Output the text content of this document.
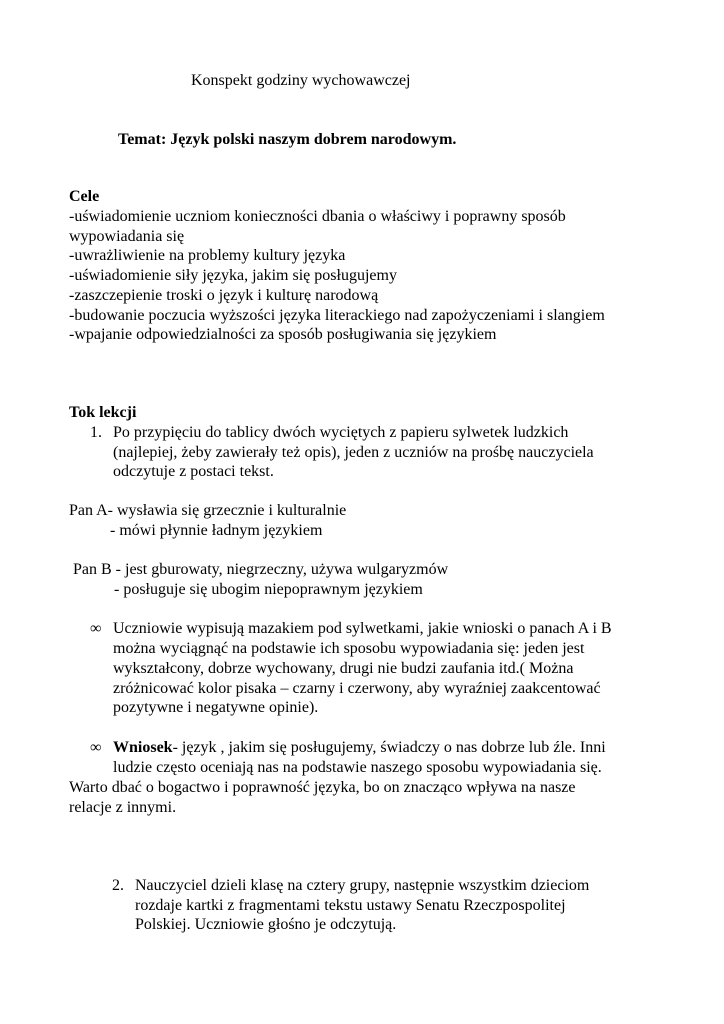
Konspekt godziny wychowawczej
Temat: Język polski naszym dobrem narodowym.
Cele
-uświadomienie uczniom konieczności dbania o właściwy i poprawny sposób
wypowiadania się
-uwrażliwienie na problemy kultury języka
-uświadomienie siły języka, jakim się posługujemy
-zaszczepienie troski o język i kulturę narodową
-budowanie poczucia wyższości języka literackiego nad zapożyczeniami i slangiem
-wpajanie odpowiedzialności za sposób posługiwania się językiem
Tok lekcji
1. Po przypięciu do tablicy dwóch wyciętych z papieru sylwetek ludzkich
(najlepiej, żeby zawierały też opis), jeden z uczniów na prośbę nauczyciela
odczytuje z postaci tekst.
Pan A- wysławia się grzecznie i kulturalnie
- mówi płynnie ładnym językiem
Pan B - jest gburowaty, niegrzeczny, używa wulgaryzmów
- posługuje się ubogim niepoprawnym językiem
∞ Uczniowie wypisują mazakiem pod sylwetkami, jakie wnioski o panach A i B
można wyciągnąć na podstawie ich sposobu wypowiadania się: jeden jest
wykształcony, dobrze wychowany, drugi nie budzi zaufania itd.( Można
zróżnicować kolor pisaka – czarny i czerwony, aby wyraźniej zaakcentować
pozytywne i negatywne opinie).
∞ Wniosek- język , jakim się posługujemy, świadczy o nas dobrze lub źle. Inni
ludzie często oceniają nas na podstawie naszego sposobu wypowiadania się.
Warto dbać o bogactwo i poprawność języka, bo on znacząco wpływa na nasze
relacje z innymi.
2. Nauczyciel dzieli klasę na cztery grupy, następnie wszystkim dzieciom
rozdaje kartki z fragmentami tekstu ustawy Senatu Rzeczpospolitej
Polskiej. Uczniowie głośno je odczytują.
